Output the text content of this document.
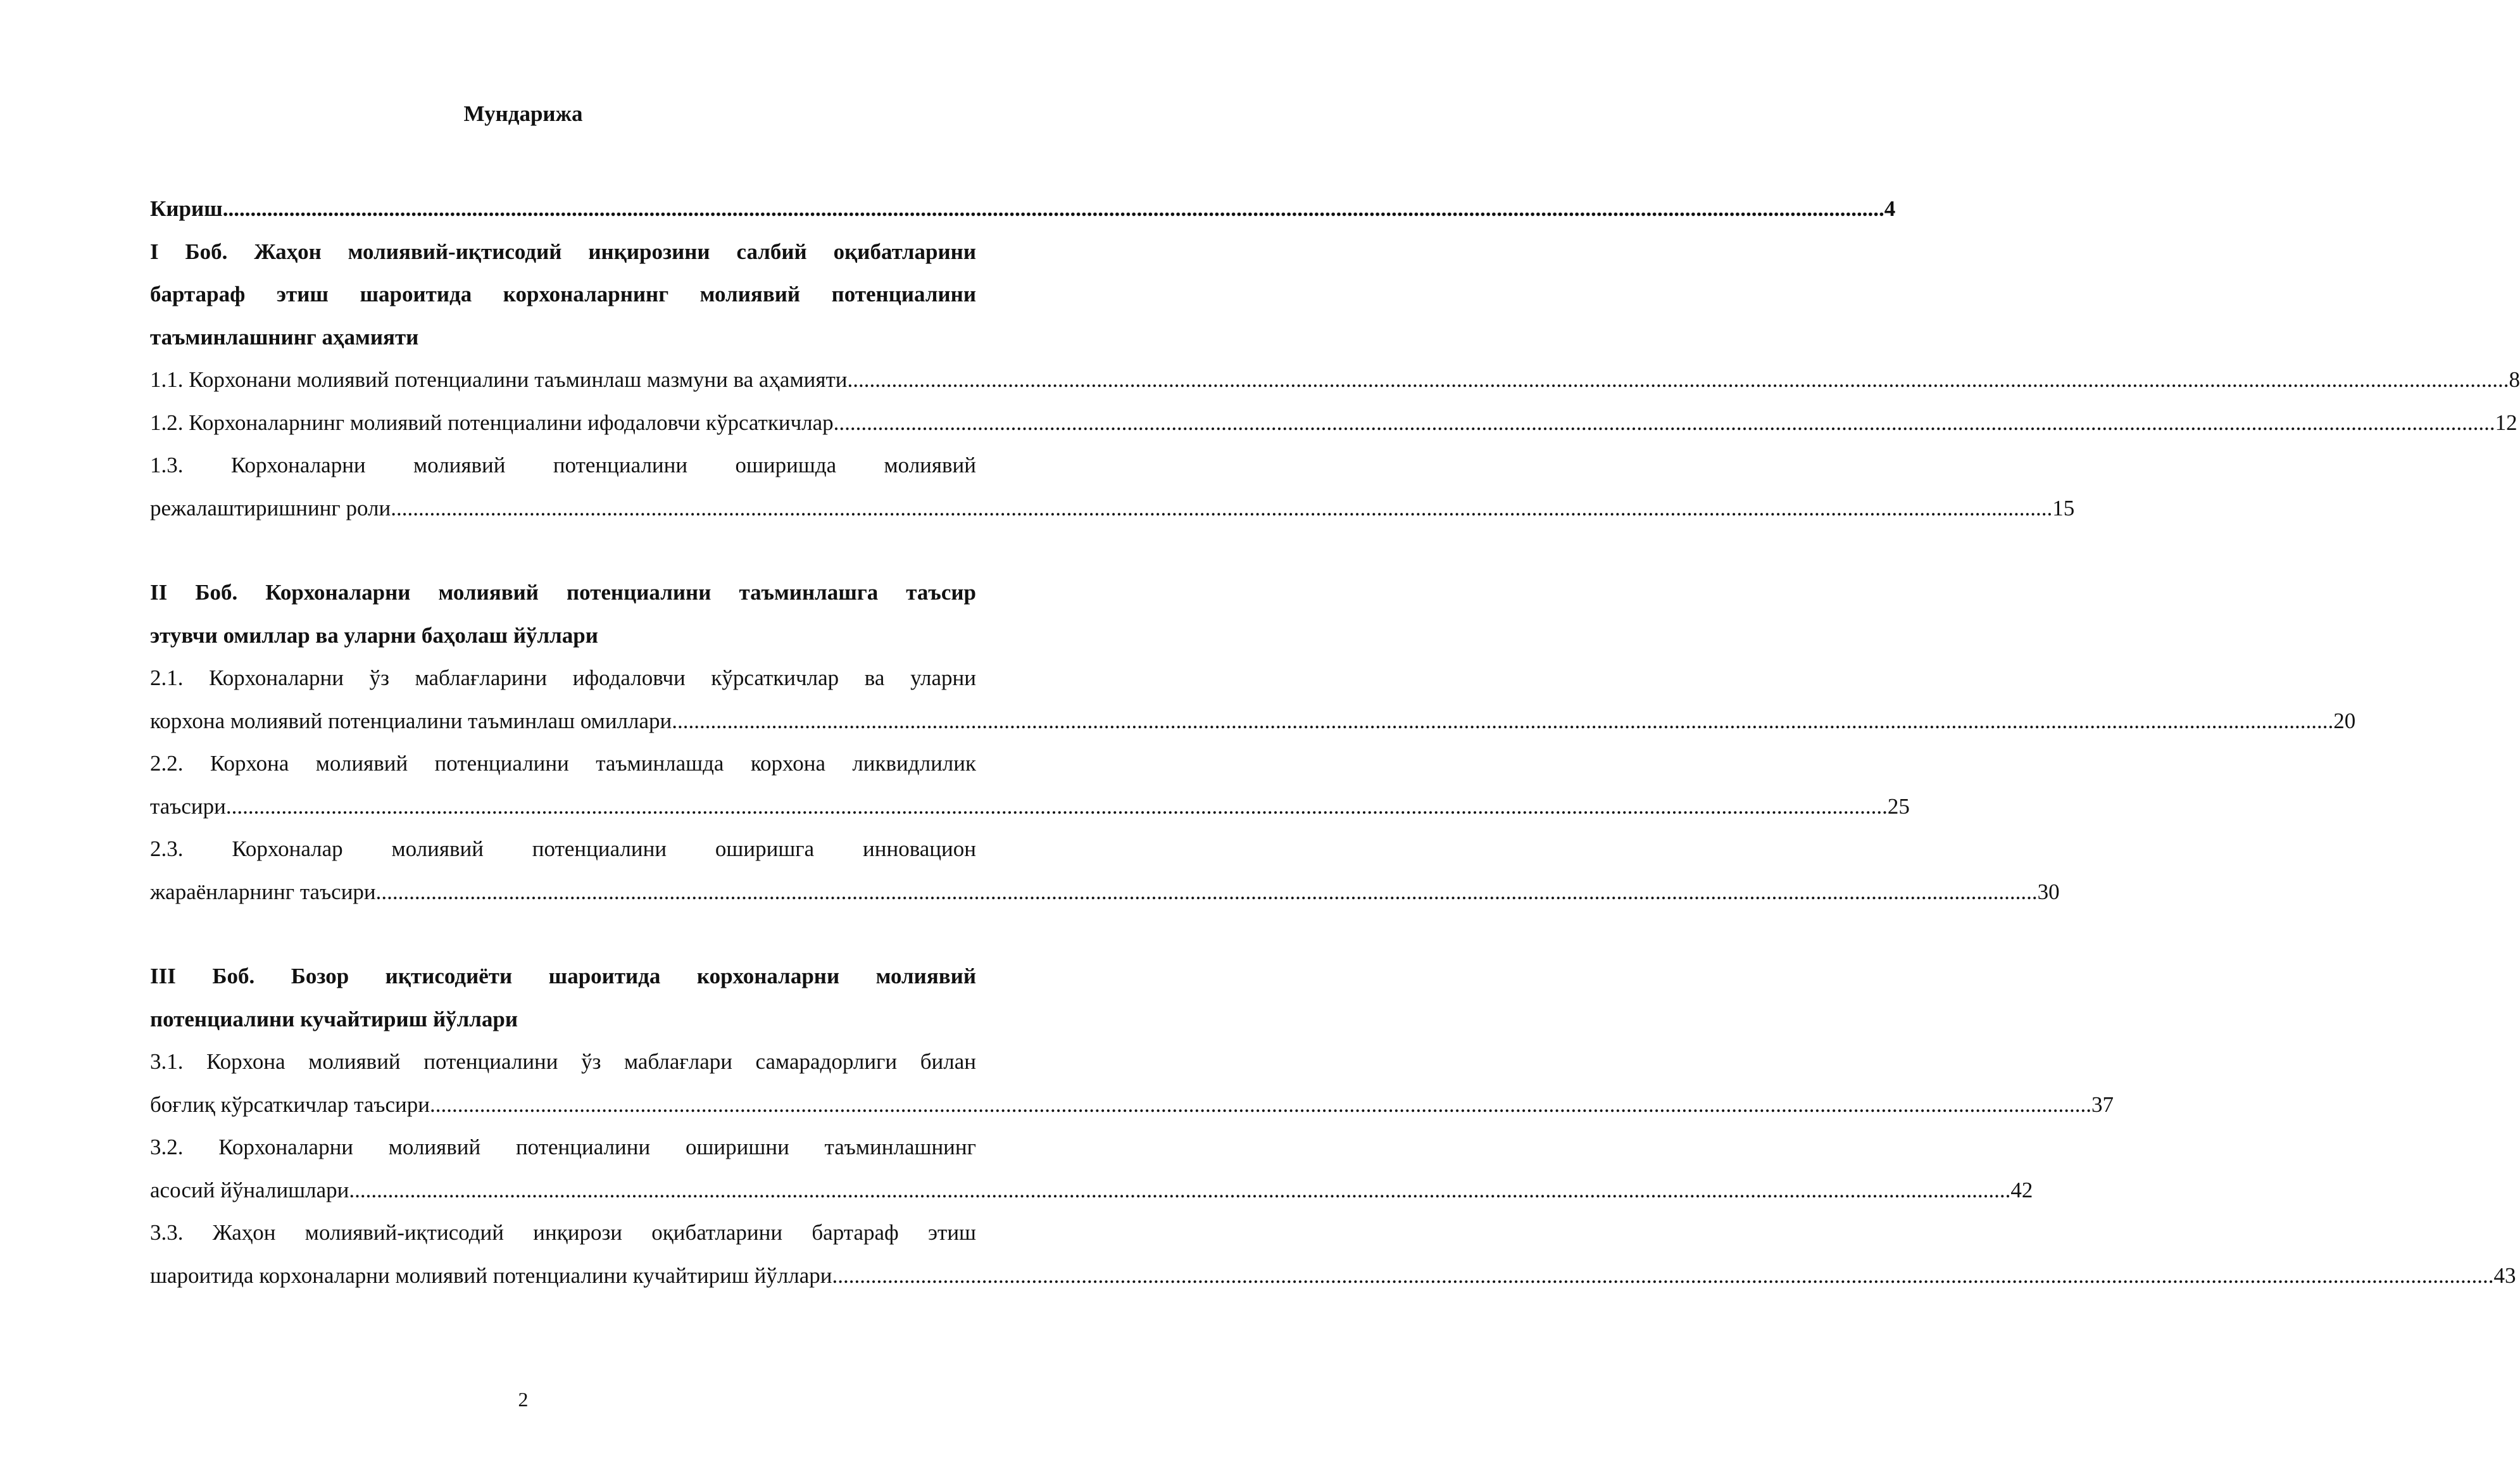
Мундарижа
Кириш ............................................................................................................................................................................................................................................................................................................ 4
I Боб. Жаҳон молиявий-иқтисодий инқирозини салбий оқибатларини
бартараф этиш шароитида корхоналарнинг молиявий потенциалини
таъминлашнинг аҳамияти
1.1. Корхонани молиявий потенциалини таъминлаш мазмуни ва аҳамияти ............................................................................................................................................................................................................................................................................................................ 8
1.2. Корхоналарнинг молиявий потенциалини ифодаловчи кўрсаткичлар ............................................................................................................................................................................................................................................................................................................ 12
1.3. Корхоналарни молиявий потенциалини оширишда молиявий
режалаштиришнинг роли ............................................................................................................................................................................................................................................................................................................ 15
II Боб. Корхоналарни молиявий потенциалини таъминлашга таъсир
этувчи омиллар ва уларни баҳолаш йўллари
2.1. Корхоналарни ўз маблағларини ифодаловчи кўрсаткичлар ва уларни
корхона молиявий потенциалини таъминлаш омиллари ............................................................................................................................................................................................................................................................................................................ 20
2.2. Корхона молиявий потенциалини таъминлашда корхона ликвидлилик
таъсири ............................................................................................................................................................................................................................................................................................................ 25
2.3. Корхоналар молиявий потенциалини оширишга инновацион
жараёнларнинг таъсири ............................................................................................................................................................................................................................................................................................................ 30
III Боб. Бозор иқтисодиёти шароитида корхоналарни молиявий
потенциалини кучайтириш йўллари
3.1. Корхона молиявий потенциалини ўз маблағлари самарадорлиги билан
боғлиқ кўрсаткичлар таъсири ............................................................................................................................................................................................................................................................................................................ 37
3.2. Корхоналарни молиявий потенциалини оширишни таъминлашнинг
асосий йўналишлари ............................................................................................................................................................................................................................................................................................................ 42
3.3. Жаҳон молиявий-иқтисодий инқирози оқибатларини бартараф этиш
шароитида корхоналарни молиявий потенциалини кучайтириш йўллари ............................................................................................................................................................................................................................................................................................................ 43
2
